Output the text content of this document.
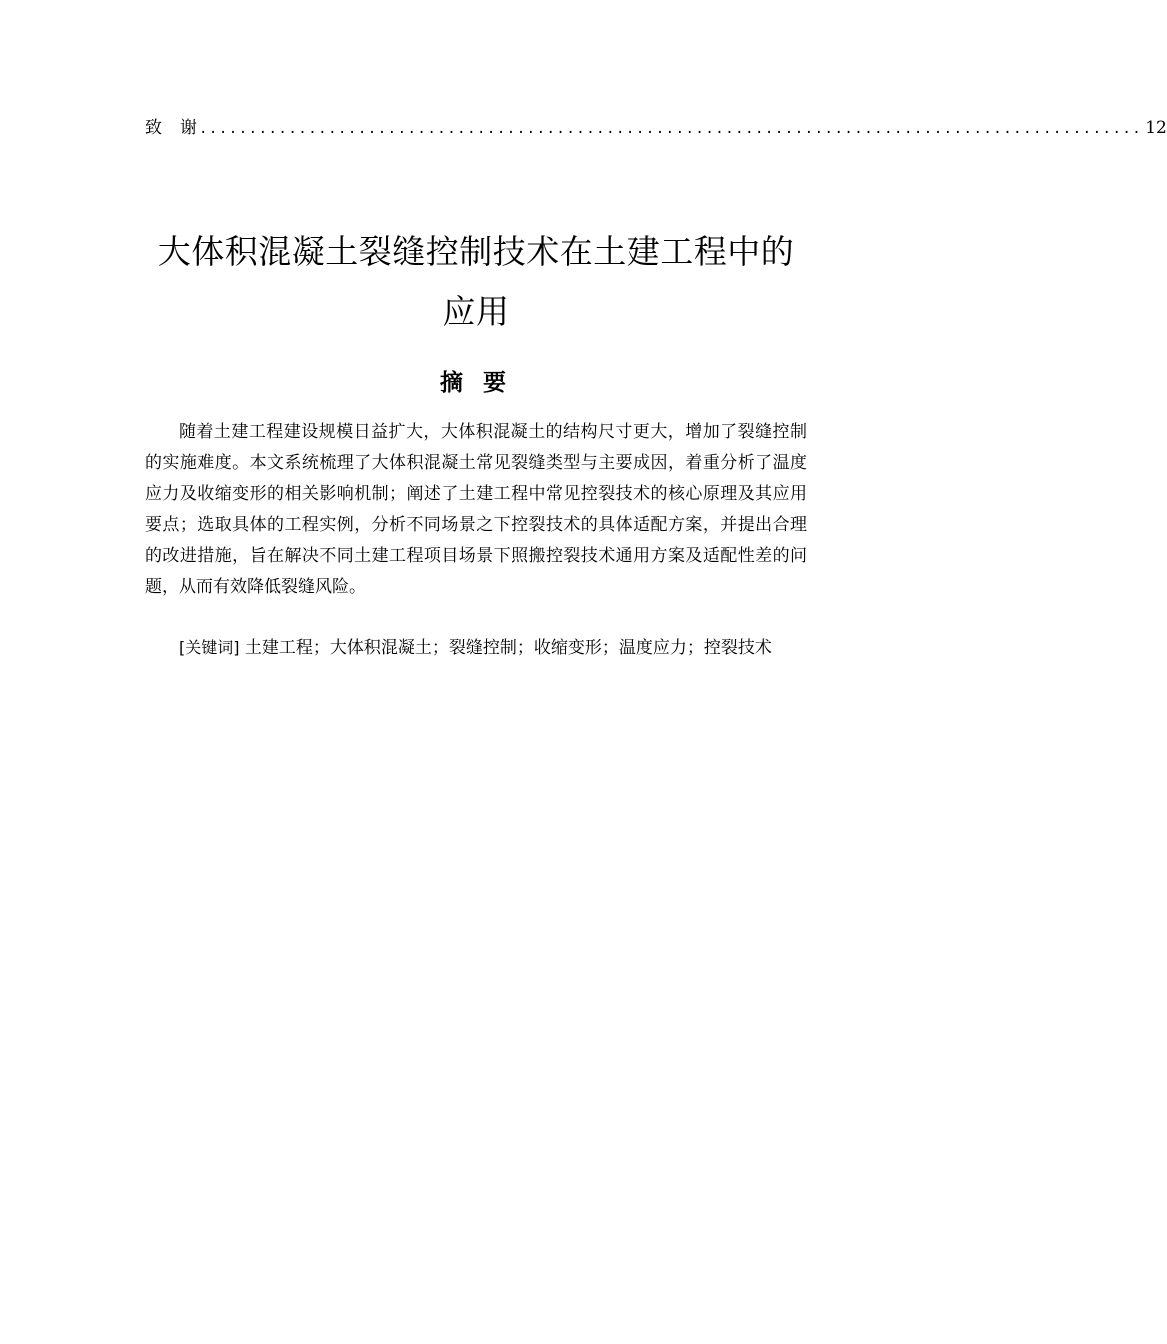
致 谢 ............................................................................................... 12
大体积混凝土裂缝控制技术在土建工程中的应用
摘 要

随着土建工程建设规模日益扩大，大体积混凝土的结构尺寸更大，增加了裂缝控制的实施难度。本文系统梳理了大体积混凝土常见裂缝类型与主要成因，着重分析了温度应力及收缩变形的相关影响机制；阐述了土建工程中常见控裂技术的核心原理及其应用要点；选取具体的工程实例，分析不同场景之下控裂技术的具体适配方案，并提出合理的改进措施，旨在解决不同土建工程项目场景下照搬控裂技术通用方案及适配性差的问题，从而有效降低裂缝风险。

[关键词] 土建工程；大体积混凝土；裂缝控制；收缩变形；温度应力；控裂技术
